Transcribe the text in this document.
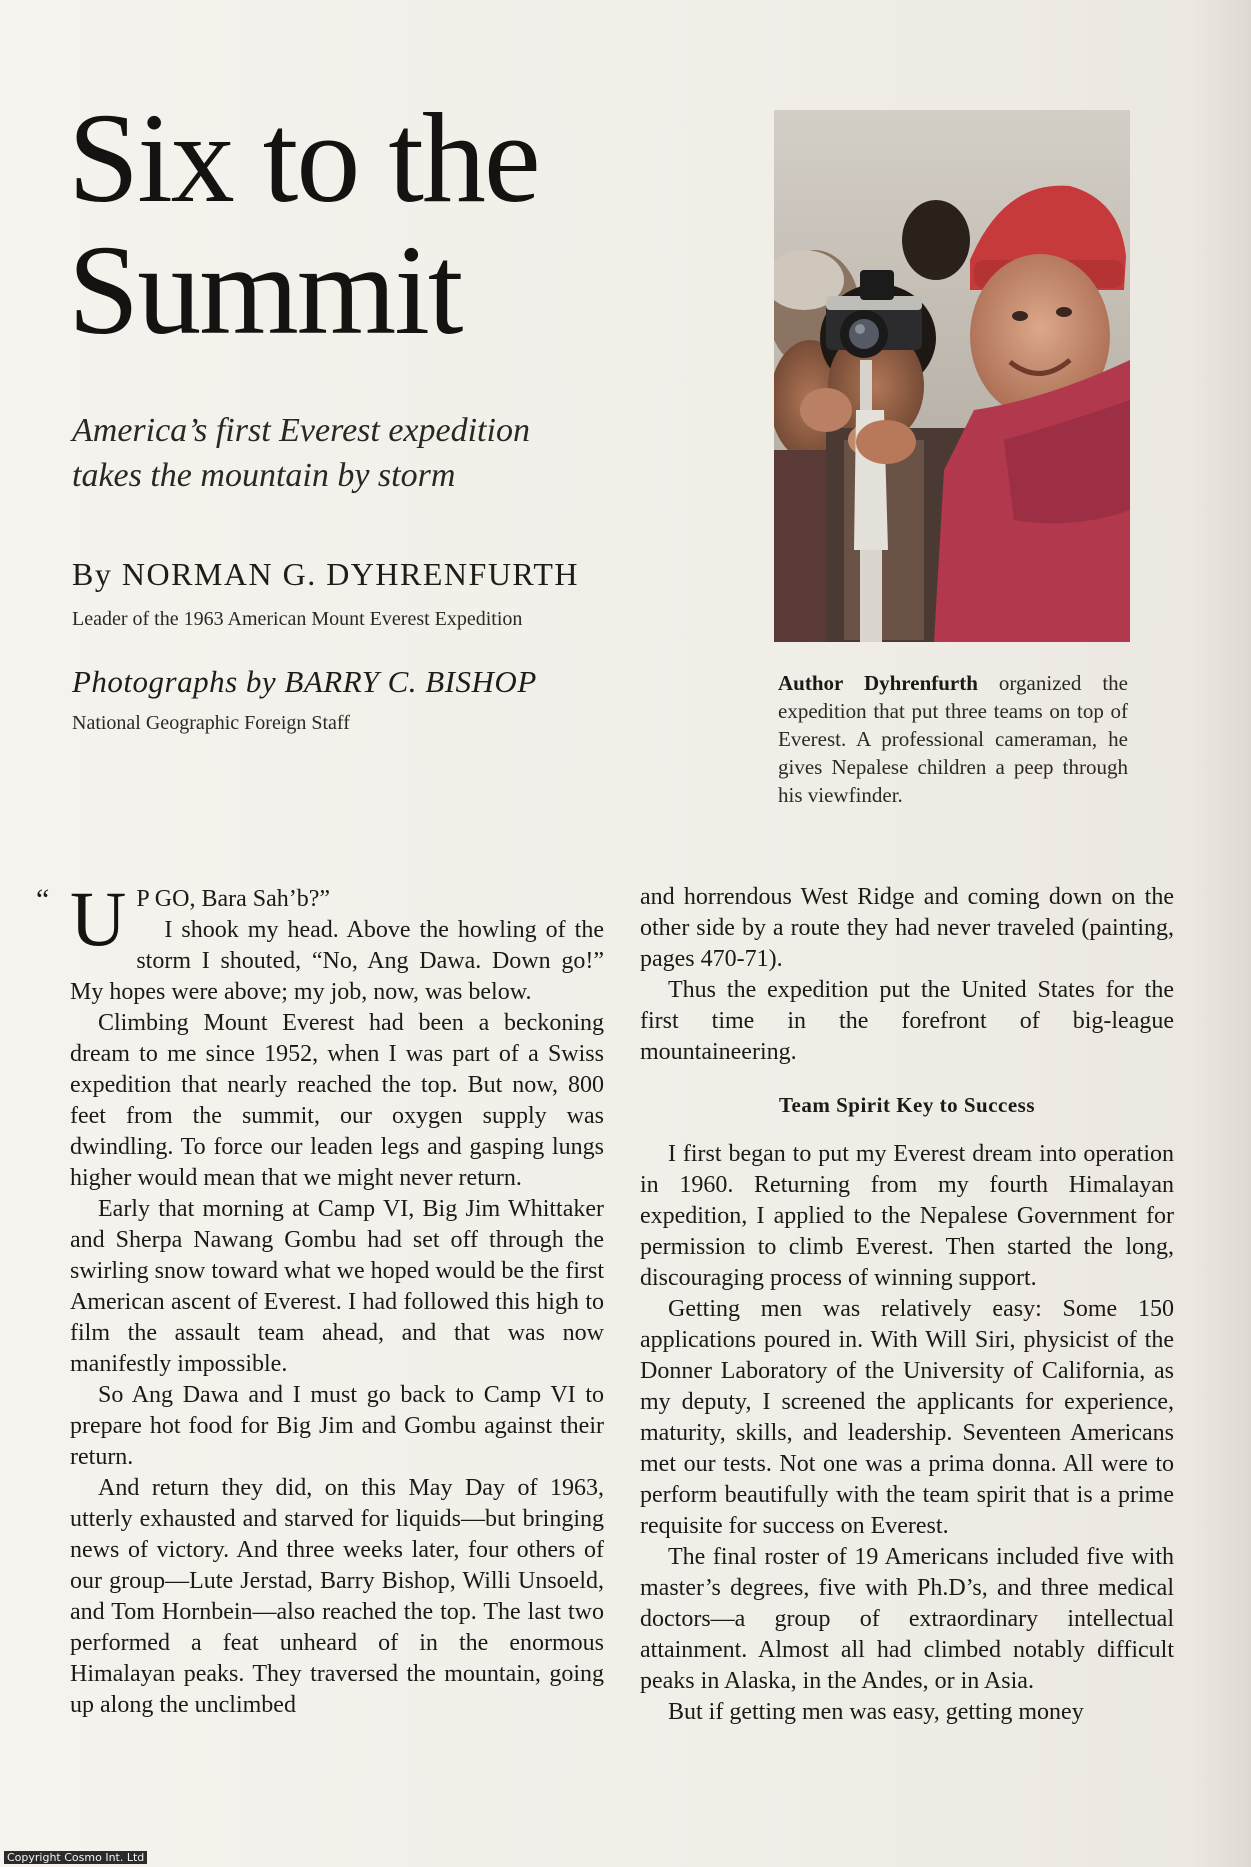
Six to the
Summit
America’s first Everest expedition
takes the mountain by storm
By NORMAN G. DYHRENFURTH
Leader of the 1963 American Mount Everest Expedition
Photographs by BARRY C. BISHOP
National Geographic Foreign Staff
Author Dyhrenfurth organized the expedition that put three teams on top of Everest. A professional cameraman, he gives Nepalese children a peep through his viewfinder.
“ U P GO, Bara Sah’b?”

I shook my head. Above the howling of the storm I shouted, “No, Ang Dawa. Down go!” My hopes were above; my job, now, was below.

Climbing Mount Everest had been a beckoning dream to me since 1952, when I was part of a Swiss expedition that nearly reached the top. But now, 800 feet from the summit, our oxygen supply was dwindling. To force our leaden legs and gasping lungs higher would mean that we might never return.

Early that morning at Camp VI, Big Jim Whittaker and Sherpa Nawang Gombu had set off through the swirling snow toward what we hoped would be the first American ascent of Everest. I had followed this high to film the assault team ahead, and that was now manifestly impossible.

So Ang Dawa and I must go back to Camp VI to prepare hot food for Big Jim and Gombu against their return.

And return they did, on this May Day of 1963, utterly exhausted and starved for liquids—but bringing news of victory. And three weeks later, four others of our group—Lute Jerstad, Barry Bishop, Willi Unsoeld, and Tom Hornbein—also reached the top. The last two performed a feat unheard of in the enormous Himalayan peaks. They traversed the mountain, going up along the unclimbed

and horrendous West Ridge and coming down on the other side by a route they had never traveled (painting, pages 470-71).

Thus the expedition put the United States for the first time in the forefront of big-league mountaineering.

Team Spirit Key to Success

I first began to put my Everest dream into operation in 1960. Returning from my fourth Himalayan expedition, I applied to the Nepalese Government for permission to climb Everest. Then started the long, discouraging process of winning support.

Getting men was relatively easy: Some 150 applications poured in. With Will Siri, physicist of the Donner Laboratory of the University of California, as my deputy, I screened the applicants for experience, maturity, skills, and leadership. Seventeen Americans met our tests. Not one was a prima donna. All were to perform beautifully with the team spirit that is a prime requisite for success on Everest.

The final roster of 19 Americans included five with master’s degrees, five with Ph.D’s, and three medical doctors—a group of extraordinary intellectual attainment. Almost all had climbed notably difficult peaks in Alaska, in the Andes, or in Asia.

But if getting men was easy, getting money

Copyright Cosmo Int. Ltd
